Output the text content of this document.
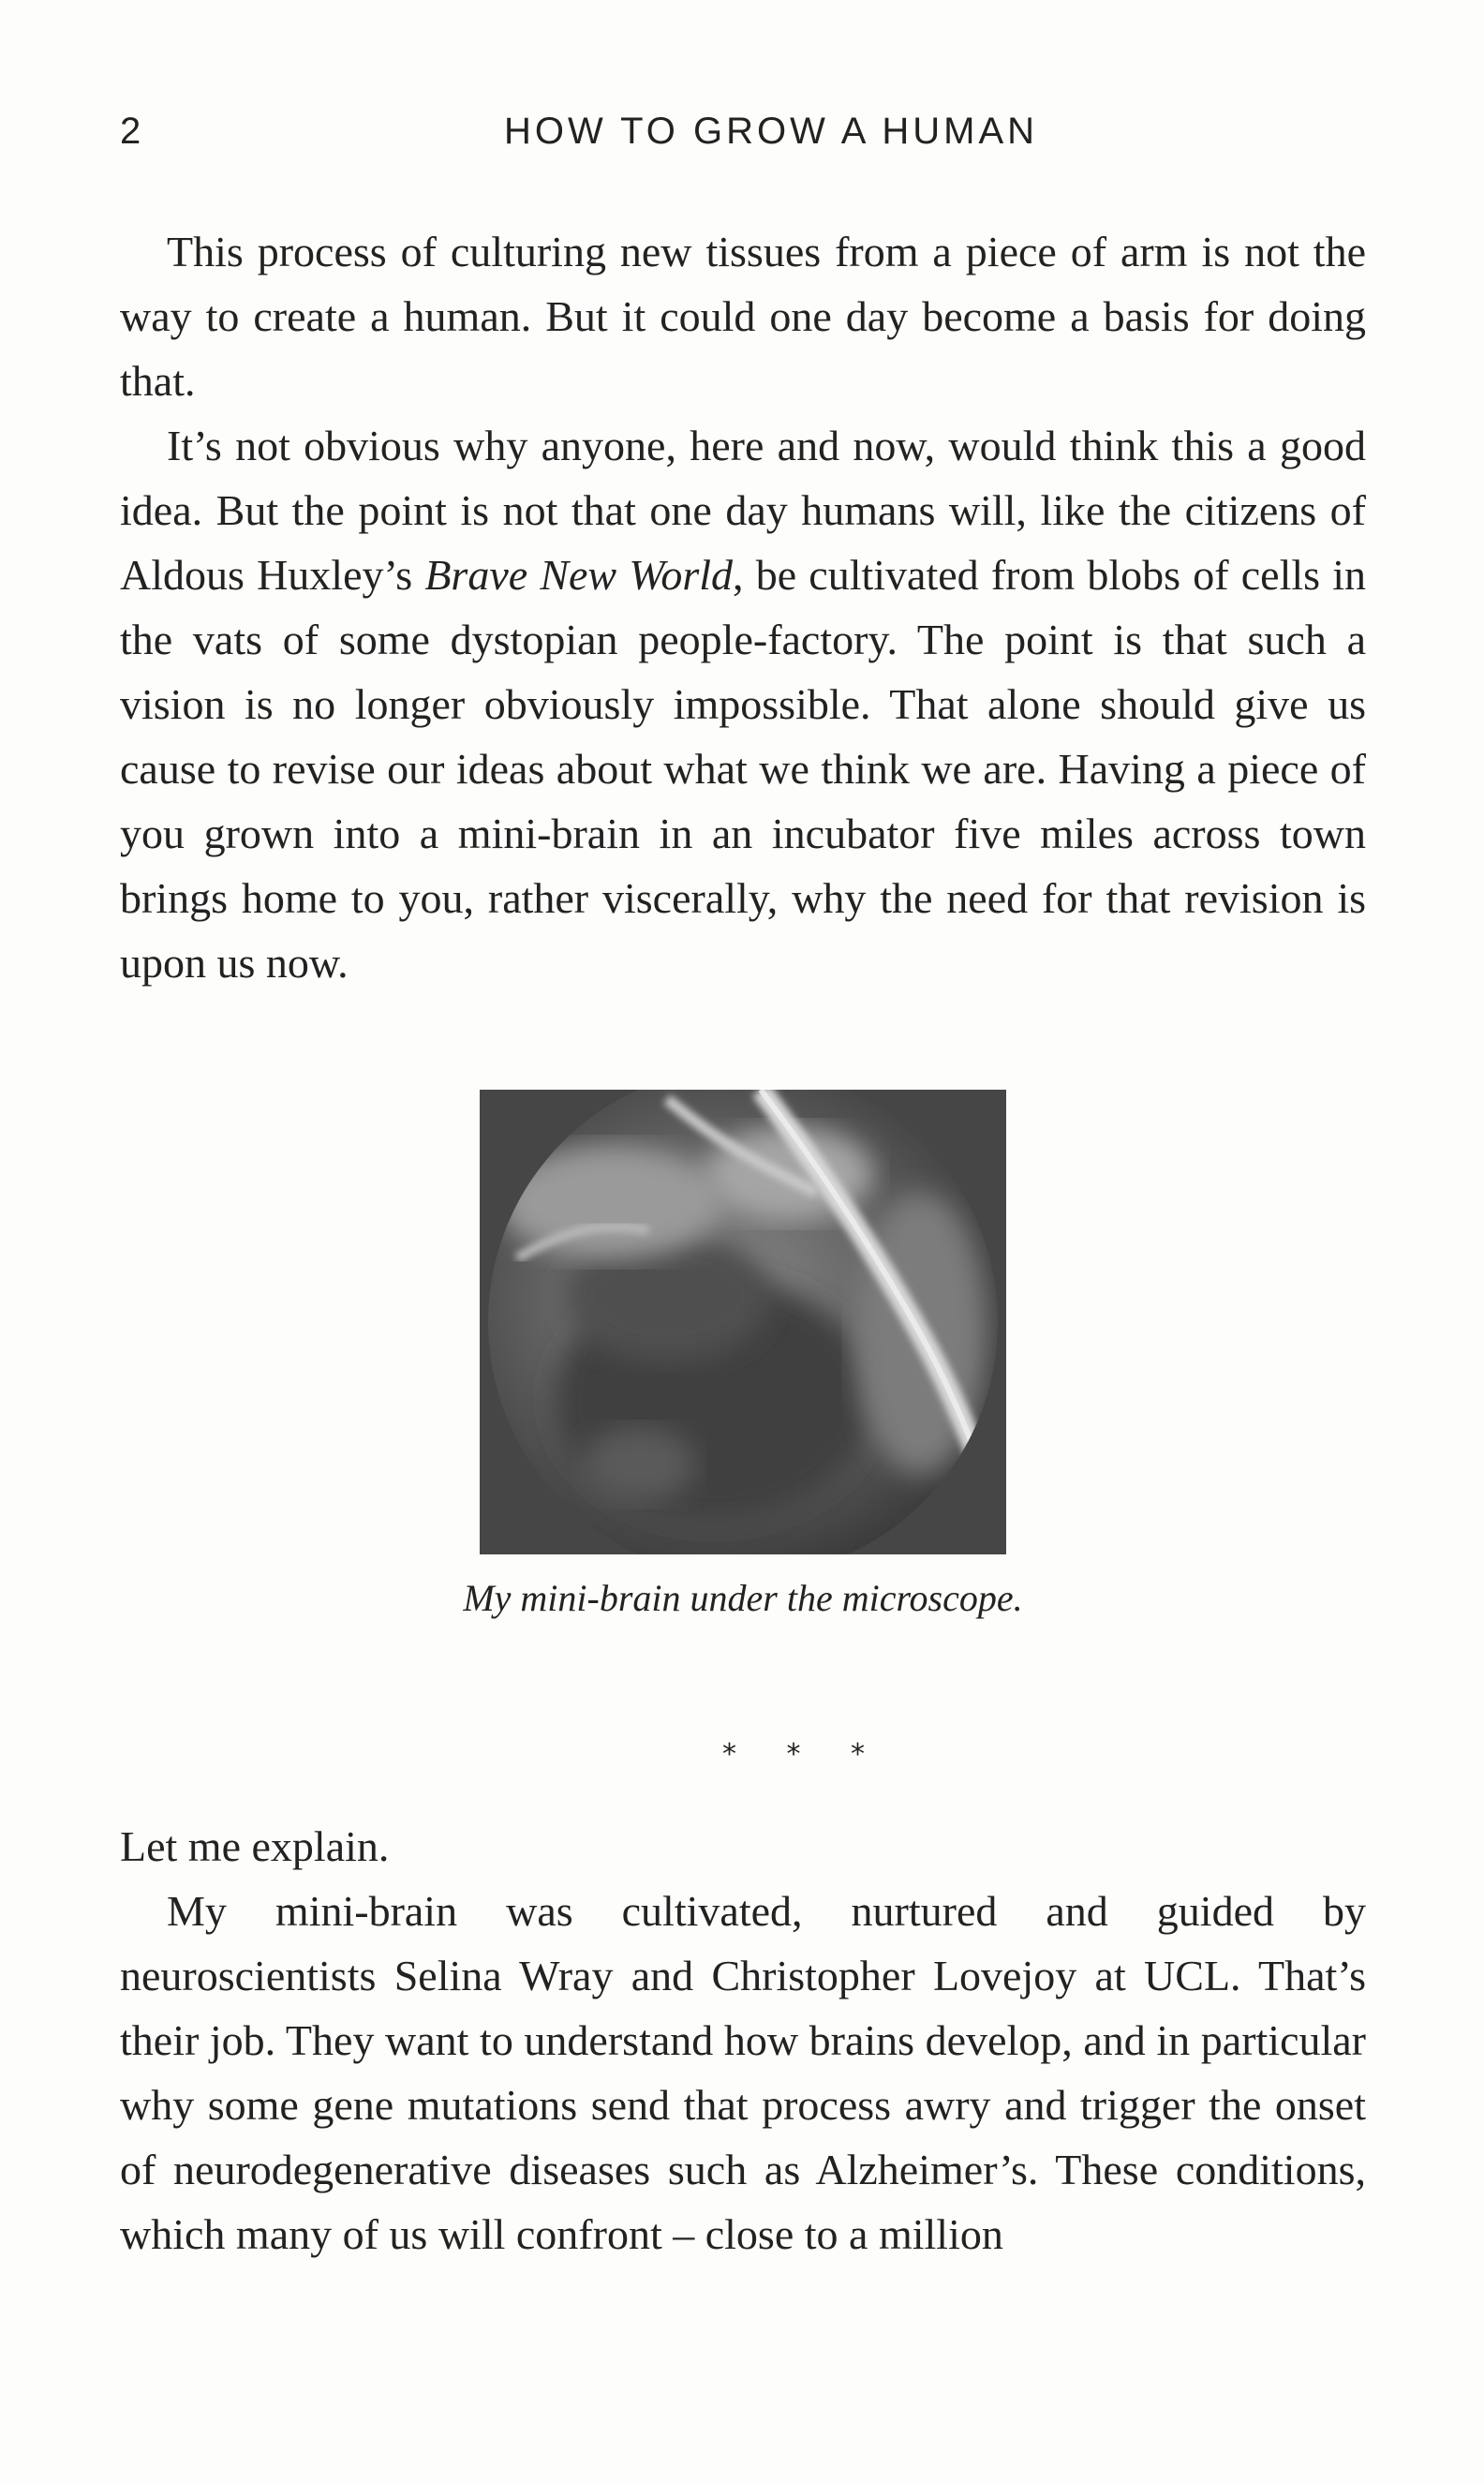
2	HOW TO GROW A HUMAN

This process of culturing new tissues from a piece of arm is not the way to create a human. But it could one day become a basis for doing that.

It’s not obvious why anyone, here and now, would think this a good idea. But the point is not that one day humans will, like the citizens of Aldous Huxley’s Brave New World, be cultivated from blobs of cells in the vats of some dystopian people-factory. The point is that such a vision is no longer obviously impossible. That alone should give us cause to revise our ideas about what we think we are. Having a piece of you grown into a mini-brain in an incubator five miles across town brings home to you, rather viscerally, why the need for that revision is upon us now.

My mini-brain under the microscope.
* * *

Let me explain.

My mini-brain was cultivated, nurtured and guided by neuroscientists Selina Wray and Christopher Lovejoy at UCL. That’s their job. They want to understand how brains develop, and in particular why some gene mutations send that process awry and trigger the onset of neurodegenerative diseases such as Alzheimer’s. These conditions, which many of us will confront – close to a million
